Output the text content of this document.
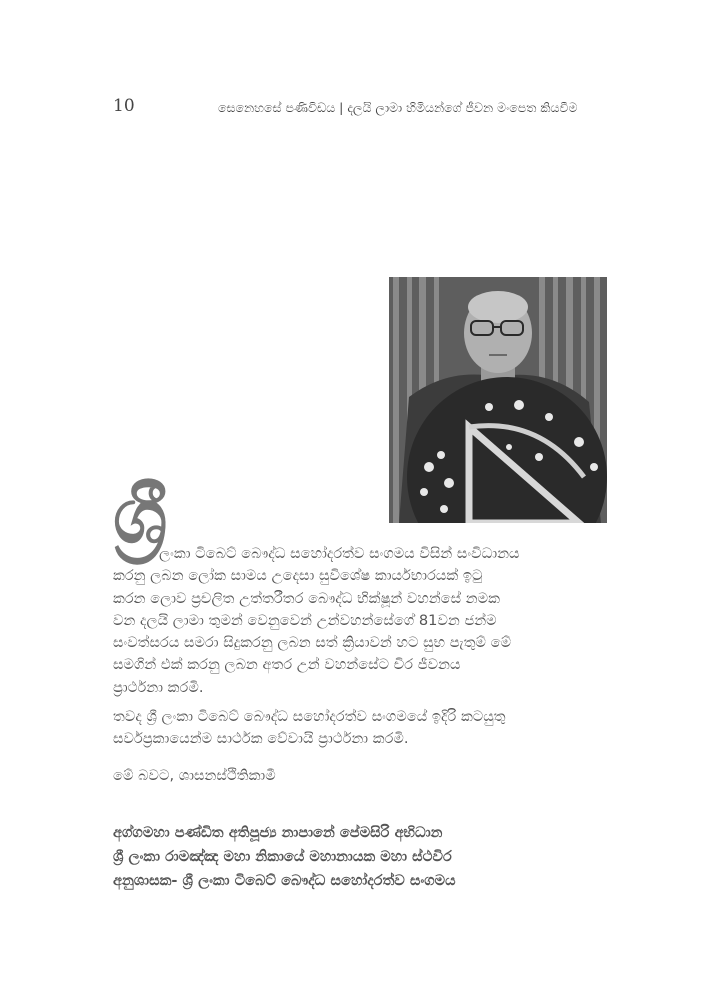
10	සෙනෙහසේ පණිවිඩය | දලයි ලාමා හිමියන්ගේ ජීවන මංපෙත කියවීම
ශ්‍රී
ලංකා ටිබෙට් බෞද්ධ සහෝදරත්ව සංගමය විසින් සංවිධානය
කරනු ලබන ලෝක සාමය උදෙසා සුවිශේෂ කාර්යභාරයක් ඉටු
කරන ලොව ප්‍රචලිත උත්තරීතර බෞද්ධ භික්ෂූන් වහන්සේ නමක
වන දලයි ලාමා තුමන් වෙනුවෙන් උන්වහන්සේගේ 81වන ජන්ම
සංවත්සරය සමරා සිදුකරනු ලබන සත් ක්‍රියාවන් හට සුභ පැතුම් මේ
සමගින් එක් කරනු ලබන අතර උන් වහන්සේට චිර ජීවනය
ප්‍රාර්ථනා කරමි.
තවද ශ්‍රී ලංකා ටිබෙට් බෞද්ධ සහෝදරත්ව සංගමයේ ඉදිරි කටයුතු
සර්වප්‍රකායෙන්ම සාර්ථක වේවායි ප්‍රාර්ථනා කරමි.
මේ බවට, ශාසනස්ථිතිකාමී
අග්ගමහා පණ්ඩිත අතිපූජ්‍ය නාපානේ පේමසිරි අභිධාන
ශ්‍රී ලංකා රාමඤ්ඤ මහා නිකායේ මහානායක මහා ස්ථවිර
අනුශාසක- ශ්‍රී ලංකා ටිබෙට් බෞද්ධ සහෝදරත්ව සංගමය
